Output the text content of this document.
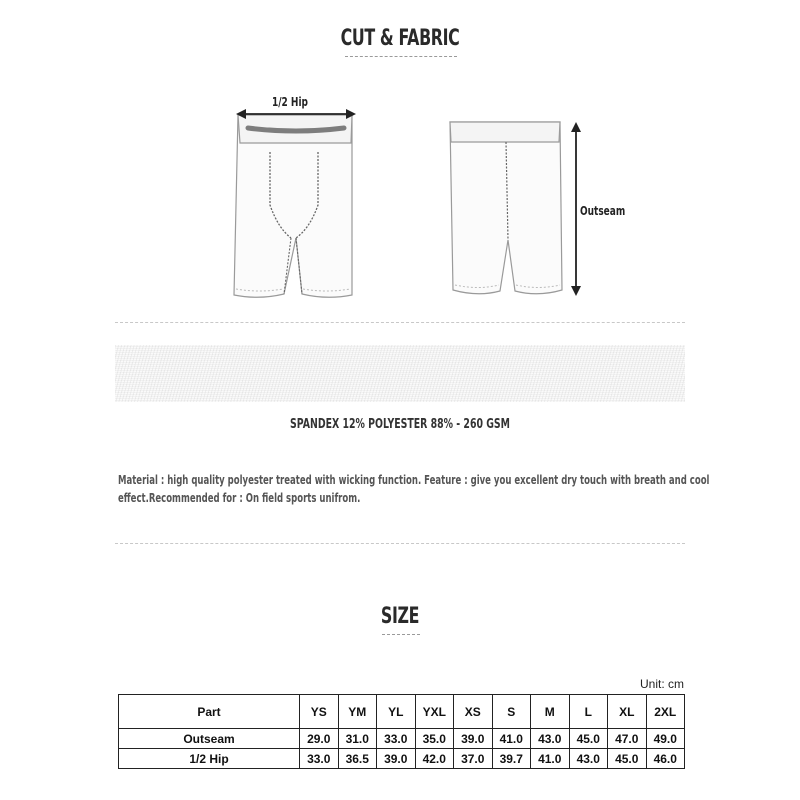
CUT & FABRIC
1/2 Hip
Outseam
SPANDEX 12% POLYESTER 88% - 260 GSM
Material : high quality polyester treated with wicking function. Feature : give you excellent dry touch with breath and cool
effect.Recommended for : On field sports unifrom.
SIZE
Unit: cm
Part	YS	YM	YL	YXL	XS	S	M	L	XL	2XL
Outseam	29.0	31.0	33.0	35.0	39.0	41.0	43.0	45.0	47.0	49.0
1/2 Hip	33.0	36.5	39.0	42.0	37.0	39.7	41.0	43.0	45.0	46.0
